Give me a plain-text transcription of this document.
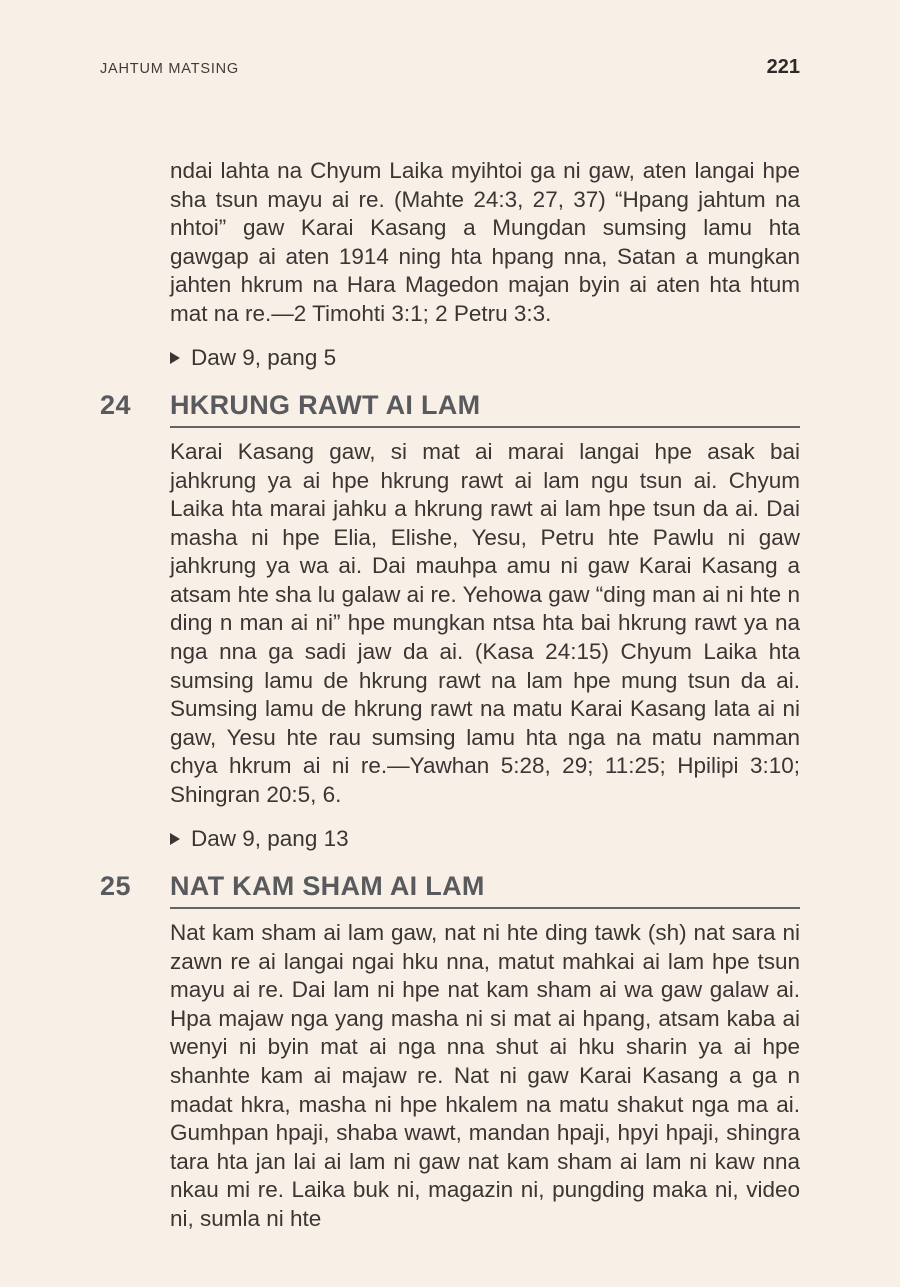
JAHTUM MATSING	221

ndai lahta na Chyum Laika myihtoi ga ni gaw, aten langai hpe sha tsun mayu ai re. (Mahte 24:3, 27, 37) “Hpang jahtum na nhtoi” gaw Karai Kasang a Mungdan sumsing lamu hta gawgap ai aten 1914 ning hta hpang nna, Satan a mungkan jahten hkrum na Hara Magedon majan byin ai aten hta htum mat na re.—2 Timohti 3:1; 2 Petru 3:3.

Daw 9, pang 5
24	HKRUNG RAWT AI LAM

Karai Kasang gaw, si mat ai marai langai hpe asak bai jahkrung ya ai hpe hkrung rawt ai lam ngu tsun ai. Chyum Laika hta marai jahku a hkrung rawt ai lam hpe tsun da ai. Dai masha ni hpe Elia, Elishe, Yesu, Petru hte Pawlu ni gaw jahkrung ya wa ai. Dai mauhpa amu ni gaw Karai Kasang a atsam hte sha lu galaw ai re. Yehowa gaw “ding man ai ni hte n ding n man ai ni” hpe mungkan ntsa hta bai hkrung rawt ya na nga nna ga sadi jaw da ai. (Kasa 24:15) Chyum Laika hta sumsing lamu de hkrung rawt na lam hpe mung tsun da ai. Sumsing lamu de hkrung rawt na matu Karai Kasang lata ai ni gaw, Yesu hte rau sumsing lamu hta nga na matu namman chya hkrum ai ni re.—Yawhan 5:28, 29; 11:25; Hpilipi 3:10; Shingran 20:5, 6.

Daw 9, pang 13
25	NAT KAM SHAM AI LAM

Nat kam sham ai lam gaw, nat ni hte ding tawk (sh) nat sara ni zawn re ai langai ngai hku nna, matut mahkai ai lam hpe tsun mayu ai re. Dai lam ni hpe nat kam sham ai wa gaw galaw ai. Hpa majaw nga yang masha ni si mat ai hpang, atsam kaba ai wenyi ni byin mat ai nga nna shut ai hku sharin ya ai hpe shanhte kam ai majaw re. Nat ni gaw Karai Kasang a ga n madat hkra, masha ni hpe hkalem na matu shakut nga ma ai. Gumhpan hpaji, shaba wawt, mandan hpaji, hpyi hpaji, shingra tara hta jan lai ai lam ni gaw nat kam sham ai lam ni kaw nna nkau mi re. Laika buk ni, magazin ni, pungding maka ni, video ni, sumla ni hte
